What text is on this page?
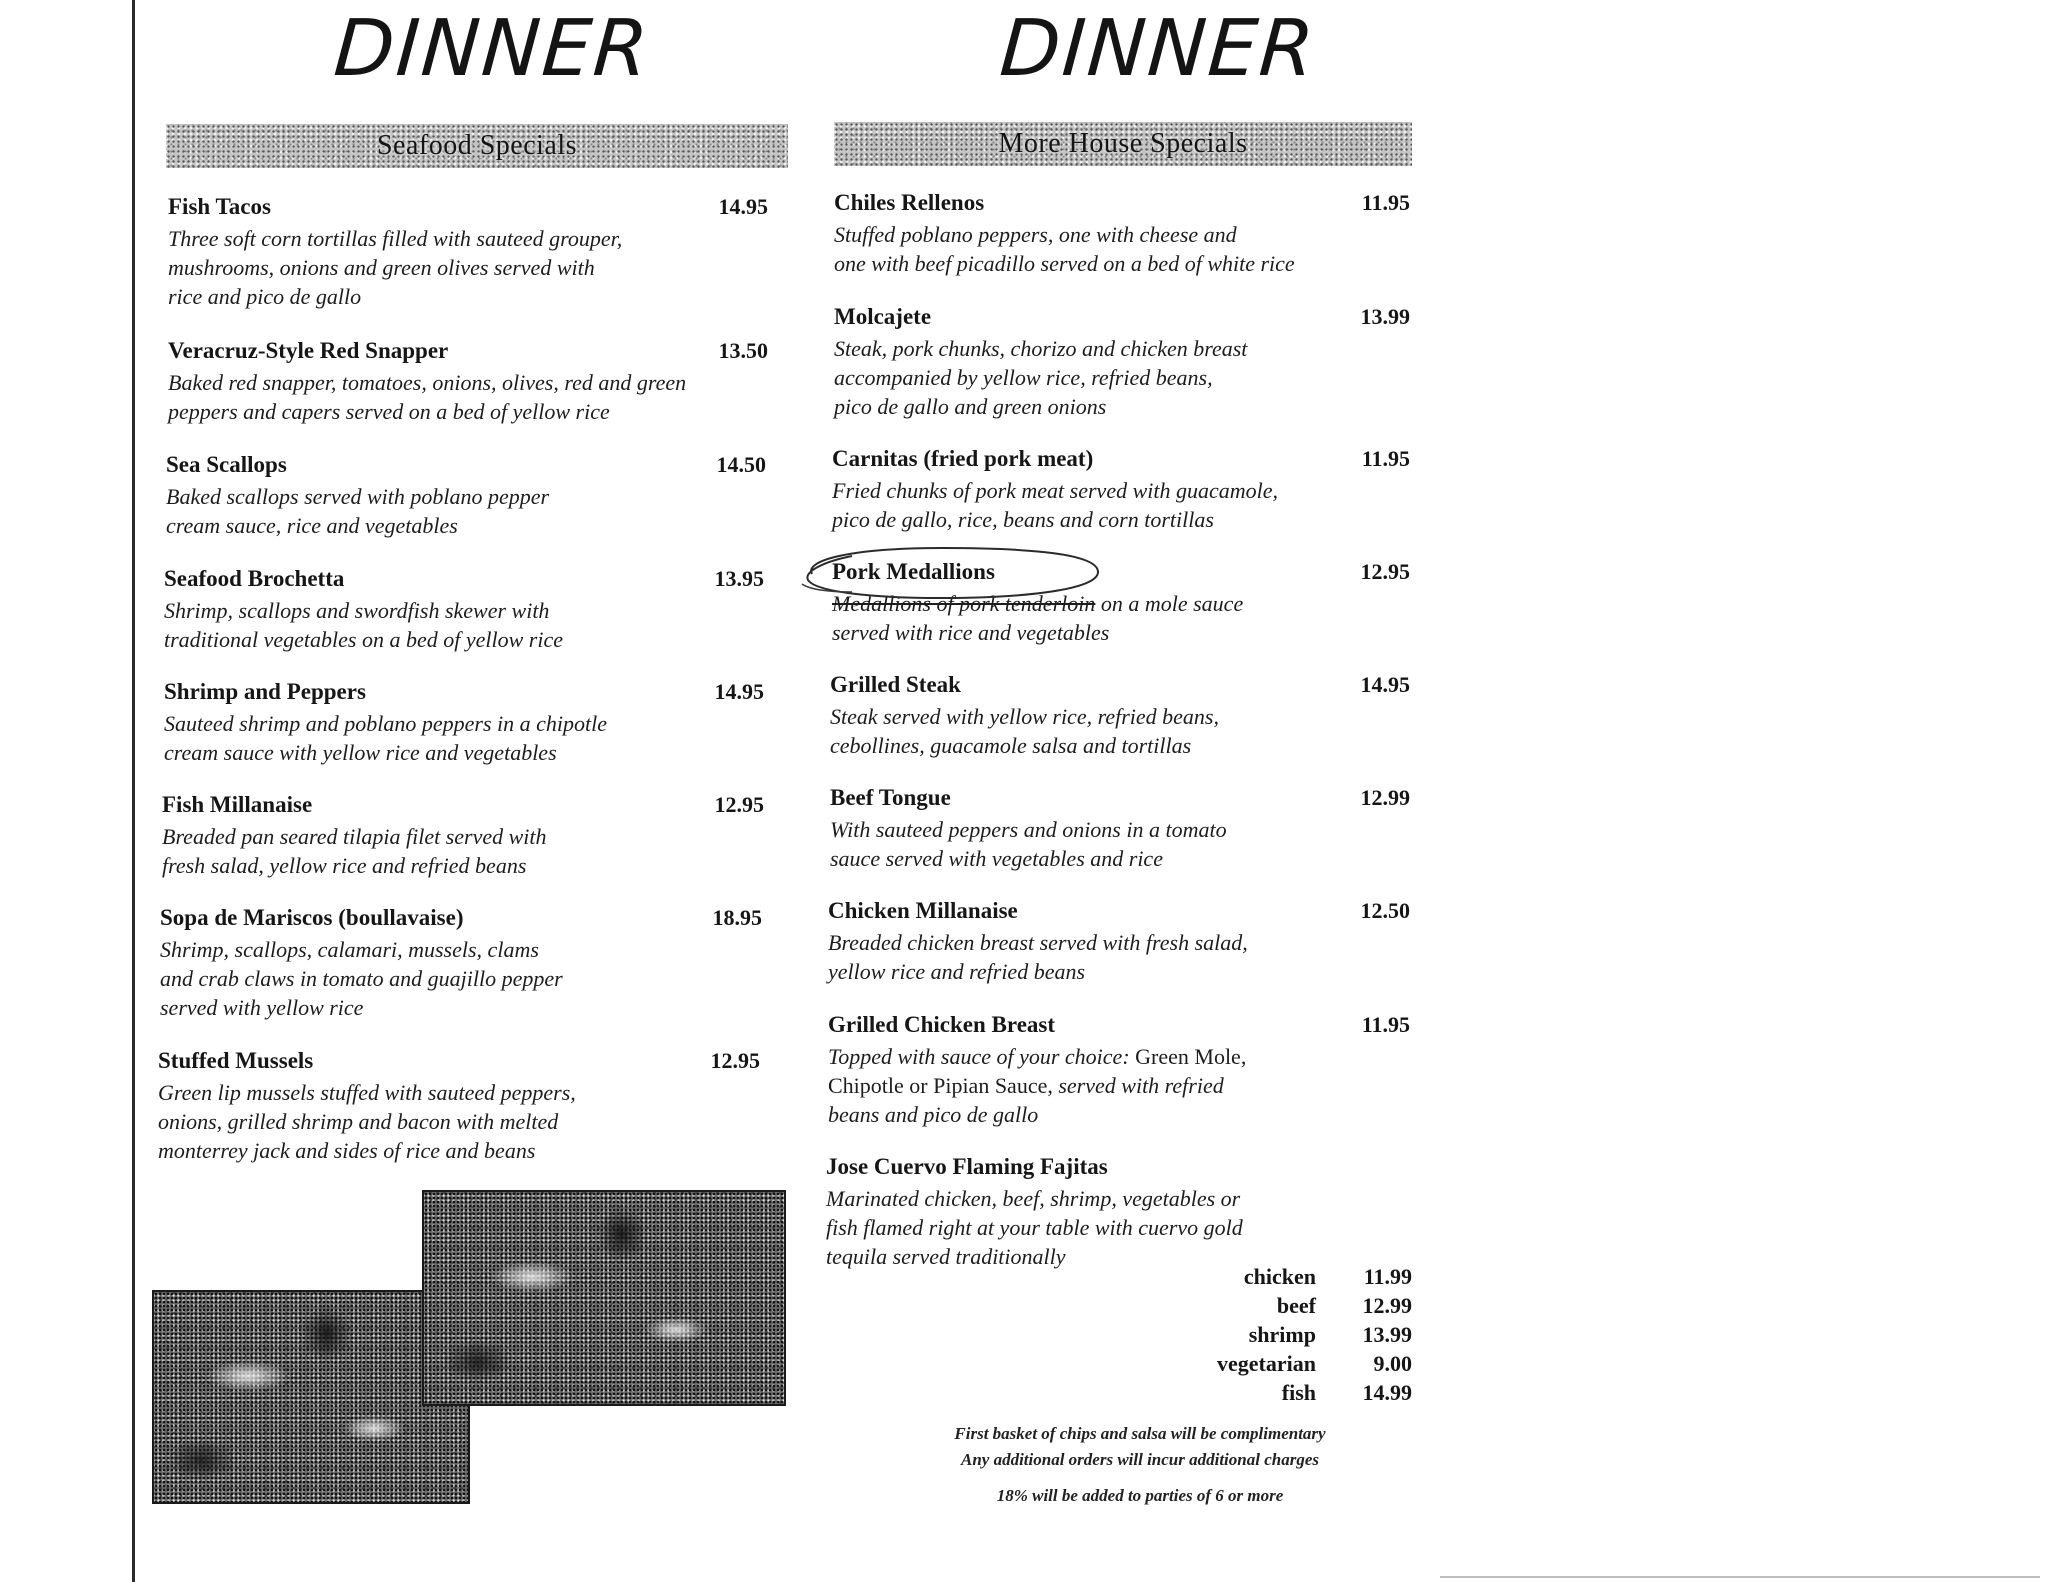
DINNER
Seafood Specials
Fish Tacos	14.95

Three soft corn tortillas filled with sauteed grouper,
mushrooms, onions and green olives served with
rice and pico de gallo

Veracruz-Style Red Snapper	13.50

Baked red snapper, tomatoes, onions, olives, red and green
peppers and capers served on a bed of yellow rice

Sea Scallops	14.50

Baked scallops served with poblano pepper
cream sauce, rice and vegetables

Seafood Brochetta	13.95

Shrimp, scallops and swordfish skewer with
traditional vegetables on a bed of yellow rice

Shrimp and Peppers	14.95

Sauteed shrimp and poblano peppers in a chipotle
cream sauce with yellow rice and vegetables

Fish Millanaise	12.95

Breaded pan seared tilapia filet served with
fresh salad, yellow rice and refried beans

Sopa de Mariscos (boullavaise)	18.95

Shrimp, scallops, calamari, mussels, clams
and crab claws in tomato and guajillo pepper
served with yellow rice

Stuffed Mussels	12.95

Green lip mussels stuffed with sauteed peppers,
onions, grilled shrimp and bacon with melted
monterrey jack and sides of rice and beans

DINNER
More House Specials
Chiles Rellenos	11.95

Stuffed poblano peppers, one with cheese and
one with beef picadillo served on a bed of white rice

Molcajete	13.99

Steak, pork chunks, chorizo and chicken breast
accompanied by yellow rice, refried beans,
pico de gallo and green onions

Carnitas (fried pork meat)	11.95

Fried chunks of pork meat served with guacamole,
pico de gallo, rice, beans and corn tortillas

Pork Medallions	12.95

Medallions of pork tenderloin on a mole sauce
served with rice and vegetables

Grilled Steak	14.95

Steak served with yellow rice, refried beans,
cebollines, guacamole salsa and tortillas

Beef Tongue	12.99

With sauteed peppers and onions in a tomato
sauce served with vegetables and rice

Chicken Millanaise	12.50

Breaded chicken breast served with fresh salad,
yellow rice and refried beans

Grilled Chicken Breast	11.95

Topped with sauce of your choice: Green Mole,
Chipotle or Pipian Sauce, served with refried
beans and pico de gallo

Jose Cuervo Flaming Fajitas

Marinated chicken, beef, shrimp, vegetables or
fish flamed right at your table with cuervo gold
tequila served traditionally

chicken 11.99
beef 12.99
shrimp 13.99
vegetarian	9.00
fish 14.99
First basket of chips and salsa will be complimentary
Any additional orders will incur additional charges
18% will be added to parties of 6 or more
